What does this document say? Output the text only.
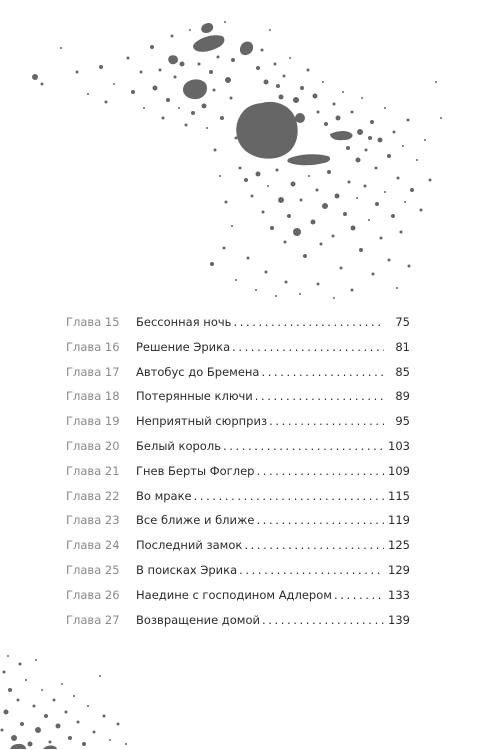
Глава 15	Бессонная ночь .....	75
Глава 16	Решение Эрика .....	81
Глава 17	Автобус до Бремена .....	85
Глава 18	Потерянные ключи .....	89
Глава 19	Неприятный сюрприз .....	95
Глава 20	Белый король .....	103
Глава 21	Гнев Берты Фоглер .....	109
Глава 22	Во мраке .....	115
Глава 23	Все ближе и ближе .....	119
Глава 24	Последний замок .....	125
Глава 25	В поисках Эрика .....	129
Глава 26	Наедине с господином Адлером .....	133
Глава 27	Возвращение домой .....	139
